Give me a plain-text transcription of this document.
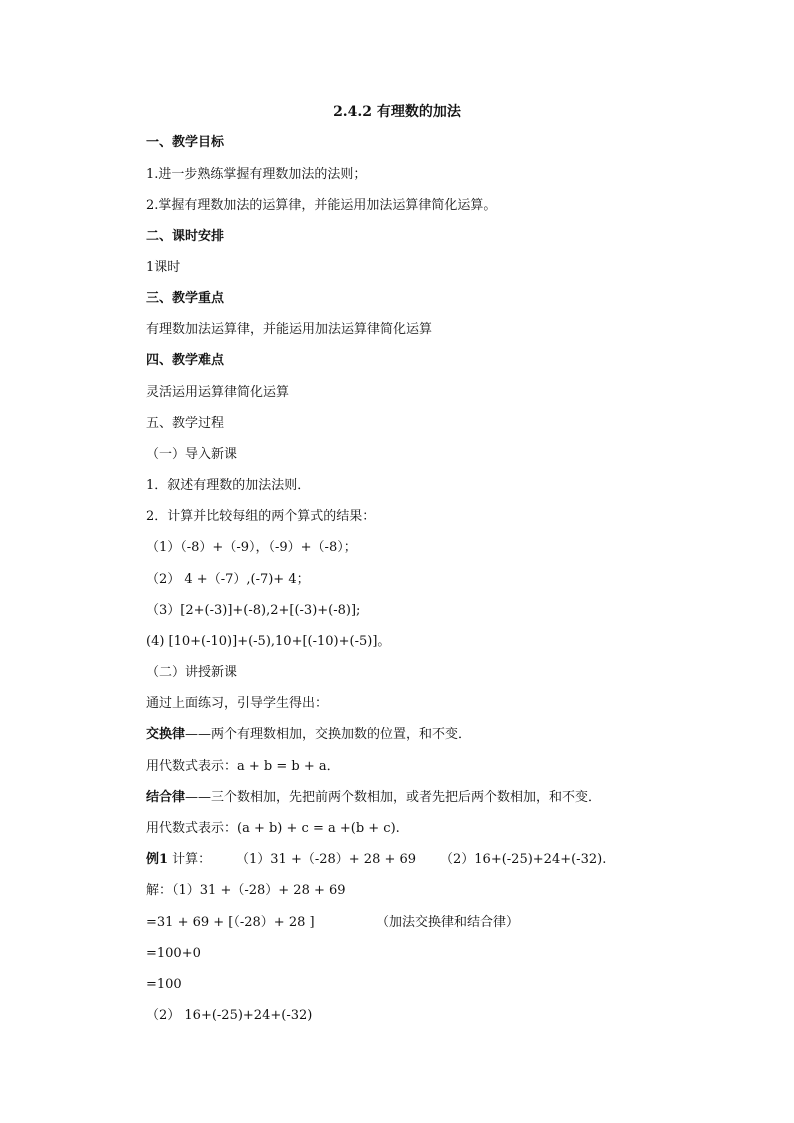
2.4.2 有理数的加法
一、教学目标
1.进一步熟练掌握有理数加法的法则；
2.掌握有理数加法的运算律，并能运用加法运算律简化运算。
二、课时安排
1课时
三、教学重点
有理数加法运算律，并能运用加法运算律简化运算
四、教学难点
灵活运用运算律简化运算
五、教学过程
（一）导入新课
1．叙述有理数的加法法则．
2．计算并比较每组的两个算式的结果：
（1）（-8）+（-9），（-9）+（-8）；
（2） 4 +（-7）,(-7)+ 4；
（3）[2+(-3)]+(-8),2+[(-3)+(-8)];
(4) [10+(-10)]+(-5),10+[(-10)+(-5)]。
（二）讲授新课
通过上面练习，引导学生得出：
交换律——两个有理数相加，交换加数的位置，和不变．
用代数式表示：a + b = b + a．
结合律——三个数相加，先把前两个数相加，或者先把后两个数相加，和不变．
用代数式表示：(a + b) + c = a +(b + c).
例1 计算： （1）31 +（-28）+ 28 + 69 （2）16+(-25)+24+(-32).
解：（1）31 +（-28）+ 28 + 69
=31 + 69 + [（-28）+ 28 ]	（加法交换律和结合律）
=100+0
=100
（2） 16+(-25)+24+(-32)
